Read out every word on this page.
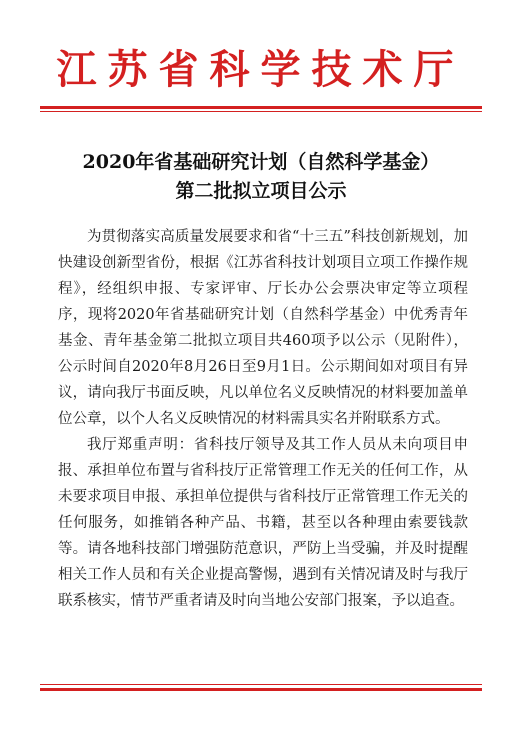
江苏省科学技术厅
2020年省基础研究计划（自然科学基金）
第二批拟立项目公示

为贯彻落实高质量发展要求和省“十三五”科技创新规划，加快建设创新型省份，根据《江苏省科技计划项目立项工作操作规程》，经组织申报、专家评审、厅长办公会票决审定等立项程序，现将2020年省基础研究计划（自然科学基金）中优秀青年基金、青年基金第二批拟立项目共460项予以公示（见附件），公示时间自2020年8月26日至9月1日。公示期间如对项目有异议，请向我厅书面反映，凡以单位名义反映情况的材料要加盖单位公章，以个人名义反映情况的材料需具实名并附联系方式。

我厅郑重声明：省科技厅领导及其工作人员从未向项目申报、承担单位布置与省科技厅正常管理工作无关的任何工作，从未要求项目申报、承担单位提供与省科技厅正常管理工作无关的任何服务，如推销各种产品、书籍，甚至以各种理由索要钱款等。请各地科技部门增强防范意识，严防上当受骗，并及时提醒相关工作人员和有关企业提高警惕，遇到有关情况请及时与我厅联系核实，情节严重者请及时向当地公安部门报案，予以追查。
